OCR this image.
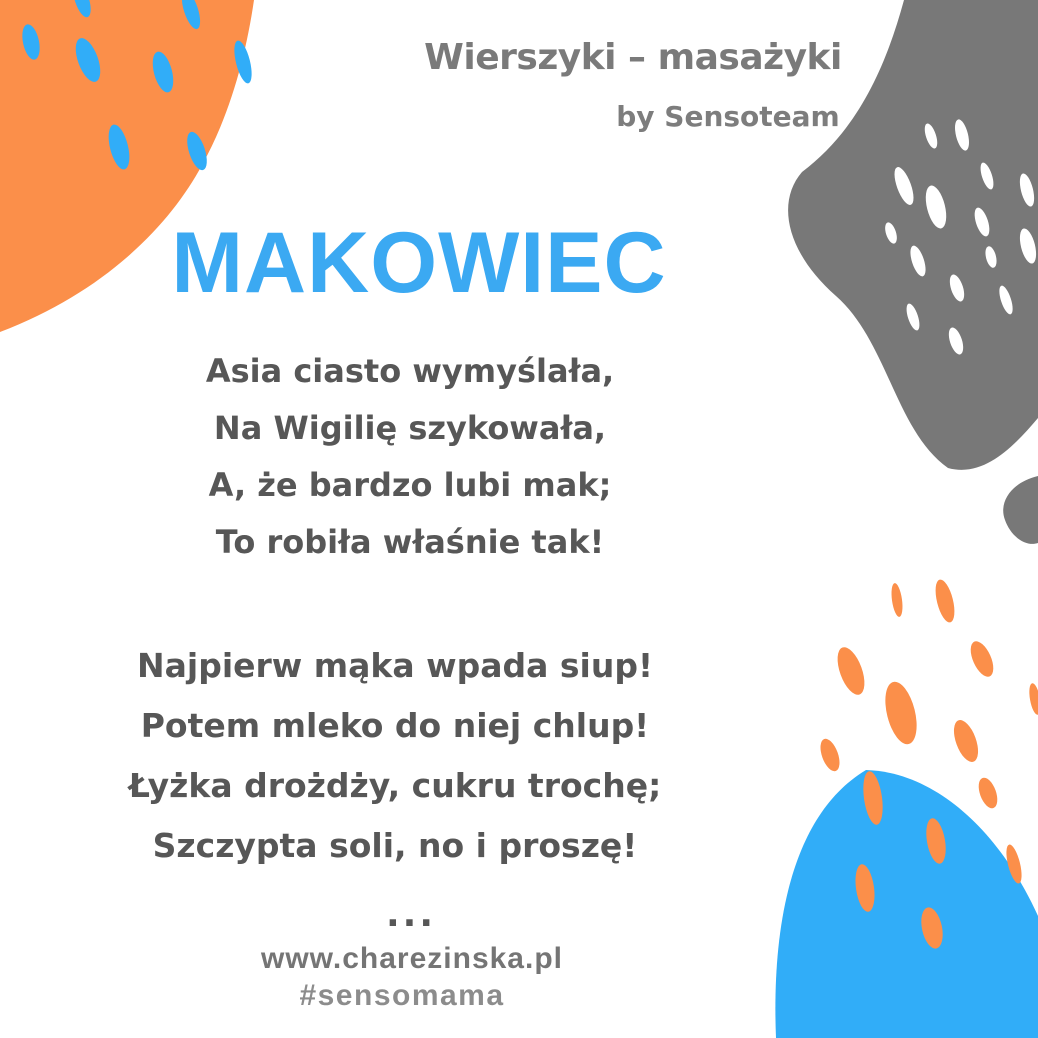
Wierszyki – masażyki
by Sensoteam
MAKOWIEC
Asia ciasto wymyślała,
Na Wigilię szykowała,
A, że bardzo lubi mak;
To robiła właśnie tak!
Najpierw mąka wpada siup!
Potem mleko do niej chlup!
Łyżka drożdży, cukru trochę;
Szczypta soli, no i proszę!
...
www.charezinska.pl
#sensomama
